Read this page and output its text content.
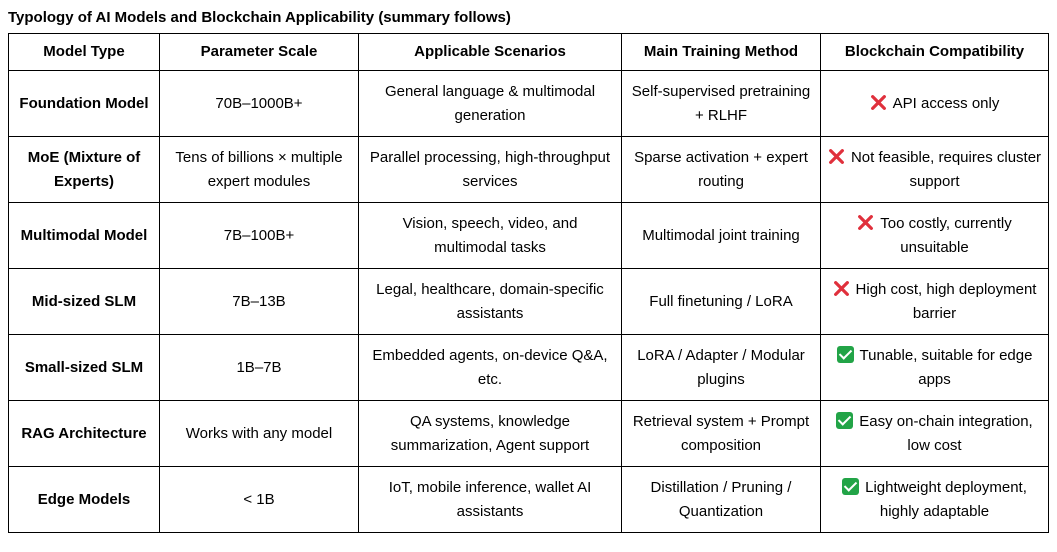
Typology of AI Models and Blockchain Applicability (summary follows)
Model Type	Parameter Scale	Applicable Scenarios	Main Training Method	Blockchain Compatibility
Foundation Model	70B–1000B+	General language & multimodal generation	Self-supervised pretraining + RLHF	API access only
MoE (Mixture of Experts)	Tens of billions × multiple expert modules	Parallel processing, high-throughput services	Sparse activation + expert routing	Not feasible, requires cluster support
Multimodal Model	7B–100B+	Vision, speech, video, and multimodal tasks	Multimodal joint training	Too costly, currently unsuitable
Mid-sized SLM	7B–13B	Legal, healthcare, domain-specific assistants	Full finetuning / LoRA	High cost, high deployment barrier
Small-sized SLM	1B–7B	Embedded agents, on-device Q&A, etc.	LoRA / Adapter / Modular plugins	Tunable, suitable for edge apps
RAG Architecture	Works with any model	QA systems, knowledge summarization, Agent support	Retrieval system + Prompt composition	Easy on-chain integration, low cost
Edge Models	< 1B	IoT, mobile inference, wallet AI assistants	Distillation / Pruning / Quantization	Lightweight deployment, highly adaptable
